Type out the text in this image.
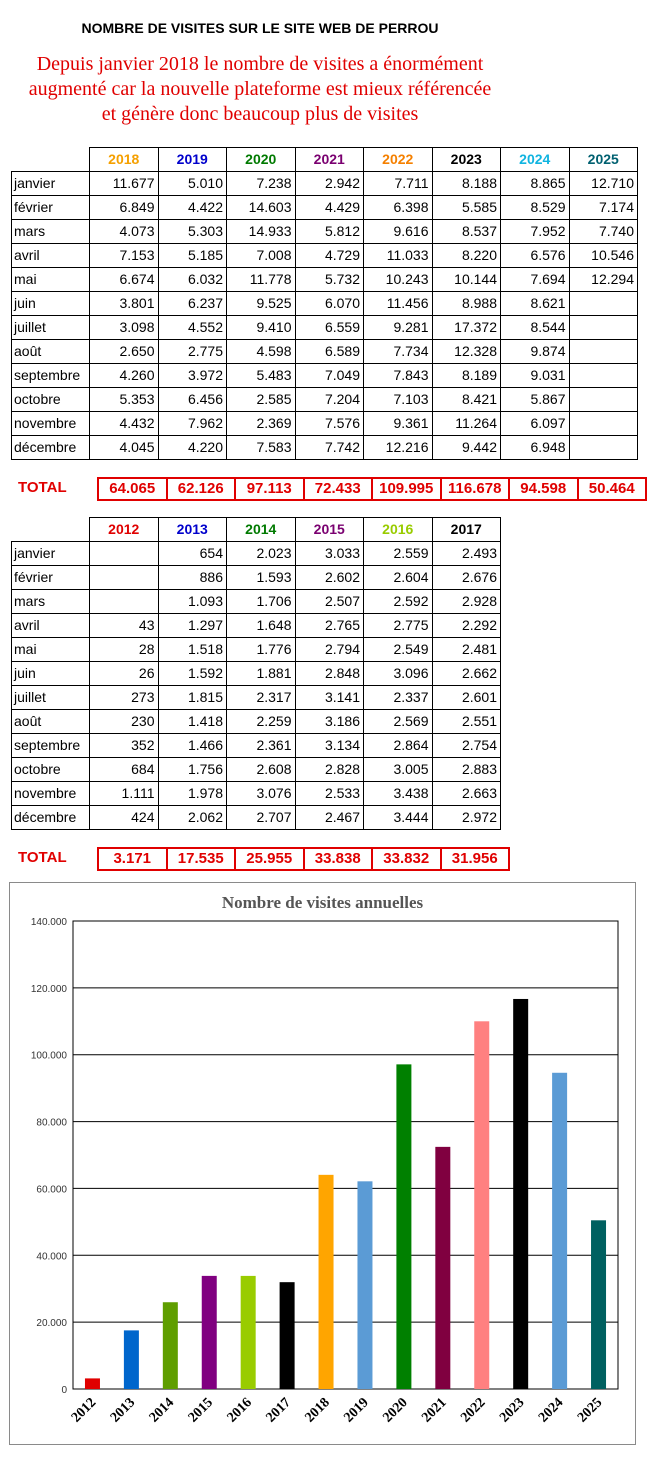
NOMBRE DE VISITES SUR LE SITE WEB DE PERROU
Depuis janvier 2018 le nombre de visites a énormément
augmenté car la nouvelle plateforme est mieux référencée
et génère donc beaucoup plus de visites
	2018	2019	2020	2021	2022	2023	2024	2025
janvier	11.677	5.010	7.238	2.942	7.711	8.188	8.865	12.710
février	6.849	4.422	14.603	4.429	6.398	5.585	8.529	7.174
mars	4.073	5.303	14.933	5.812	9.616	8.537	7.952	7.740
avril	7.153	5.185	7.008	4.729	11.033	8.220	6.576	10.546
mai	6.674	6.032	11.778	5.732	10.243	10.144	7.694	12.294
juin	3.801	6.237	9.525	6.070	11.456	8.988	8.621	
juillet	3.098	4.552	9.410	6.559	9.281	17.372	8.544	
août	2.650	2.775	4.598	6.589	7.734	12.328	9.874	
septembre	4.260	3.972	5.483	7.049	7.843	8.189	9.031	
octobre	5.353	6.456	2.585	7.204	7.103	8.421	5.867	
novembre	4.432	7.962	2.369	7.576	9.361	11.264	6.097	
décembre	4.045	4.220	7.583	7.742	12.216	9.442	6.948	
TOTAL	64.065	62.126	97.113	72.433	109.995	116.678	94.598	50.464
	2012	2013	2014	2015	2016	2017
janvier		654	2.023	3.033	2.559	2.493
février		886	1.593	2.602	2.604	2.676
mars		1.093	1.706	2.507	2.592	2.928
avril	43	1.297	1.648	2.765	2.775	2.292
mai	28	1.518	1.776	2.794	2.549	2.481
juin	26	1.592	1.881	2.848	3.096	2.662
juillet	273	1.815	2.317	3.141	2.337	2.601
août	230	1.418	2.259	3.186	2.569	2.551
septembre	352	1.466	2.361	3.134	2.864	2.754
octobre	684	1.756	2.608	2.828	3.005	2.883
novembre	1.111	1.978	3.076	2.533	3.438	2.663
décembre	424	2.062	2.707	2.467	3.444	2.972
TOTAL	3.171	17.535	25.955	33.838	33.832	31.956
Nombre de visites annuelles
0
20.000
40.000
60.000
80.000
100.000
120.000
140.000
2012 2013 2014 2015 2016 2017 2018 2019 2020 2021 2022 2023 2024 2025
